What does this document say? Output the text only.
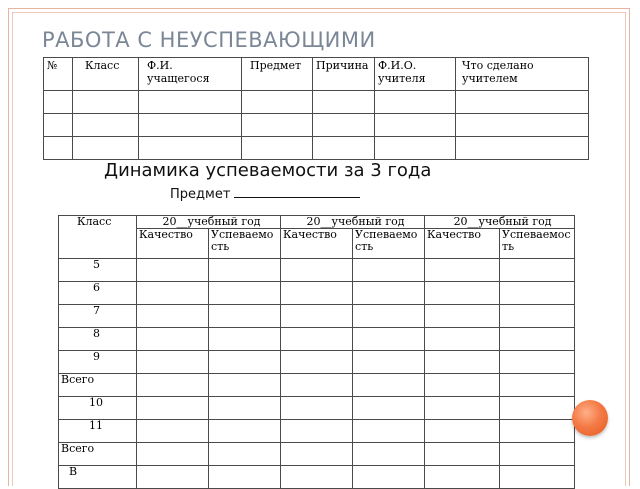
РАБОТА С НЕУСПЕВАЮЩИМИ
№	Класс	Ф.И. учащегося	Предмет	Причина	Ф.И.О. учителя	Что сделано учителем

Динамика успеваемости за 3 года
Предмет
Класс	20__учебный год		20__учебный год		20__учебный год	
	Качество	Успеваемость	Качество	Успеваемость	Качество	Успеваемость
5						
6						
7						
8						
9						
Всего						
10						
11						
Всего						
В						
